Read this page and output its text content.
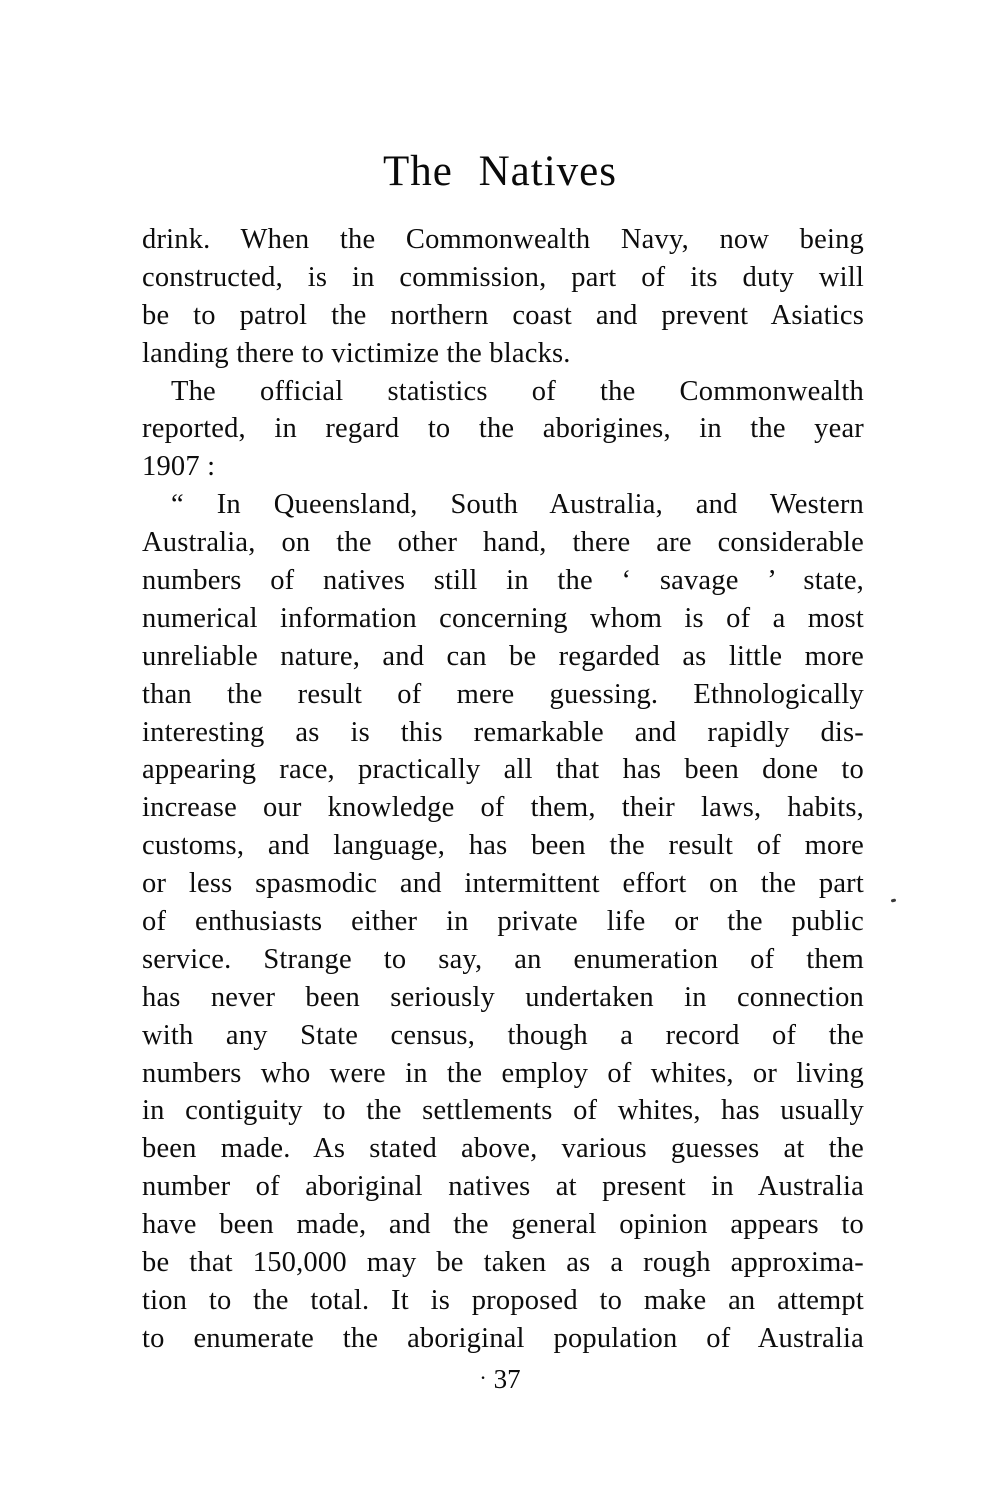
The Natives
drink. When the Commonwealth Navy, now being
constructed, is in commission, part of its duty will
be to patrol the northern coast and prevent Asiatics
landing there to victimize the blacks.
The official statistics of the Commonwealth
reported, in regard to the aborigines, in the year
1907 :
“ In Queensland, South Australia, and Western
Australia, on the other hand, there are considerable
numbers of natives still in the ‘ savage ’ state,
numerical information concerning whom is of a most
unreliable nature, and can be regarded as little more
than the result of mere guessing. Ethnologically
interesting as is this remarkable and rapidly dis-
appearing race, practically all that has been done to
increase our knowledge of them, their laws, habits,
customs, and language, has been the result of more
or less spasmodic and intermittent effort on the part
of enthusiasts either in private life or the public
service. Strange to say, an enumeration of them
has never been seriously undertaken in connection
with any State census, though a record of the
numbers who were in the employ of whites, or living
in contiguity to the settlements of whites, has usually
been made. As stated above, various guesses at the
number of aboriginal natives at present in Australia
have been made, and the general opinion appears to
be that 150,000 may be taken as a rough approxima-
tion to the total. It is proposed to make an attempt
to enumerate the aboriginal population of Australia
· 37
